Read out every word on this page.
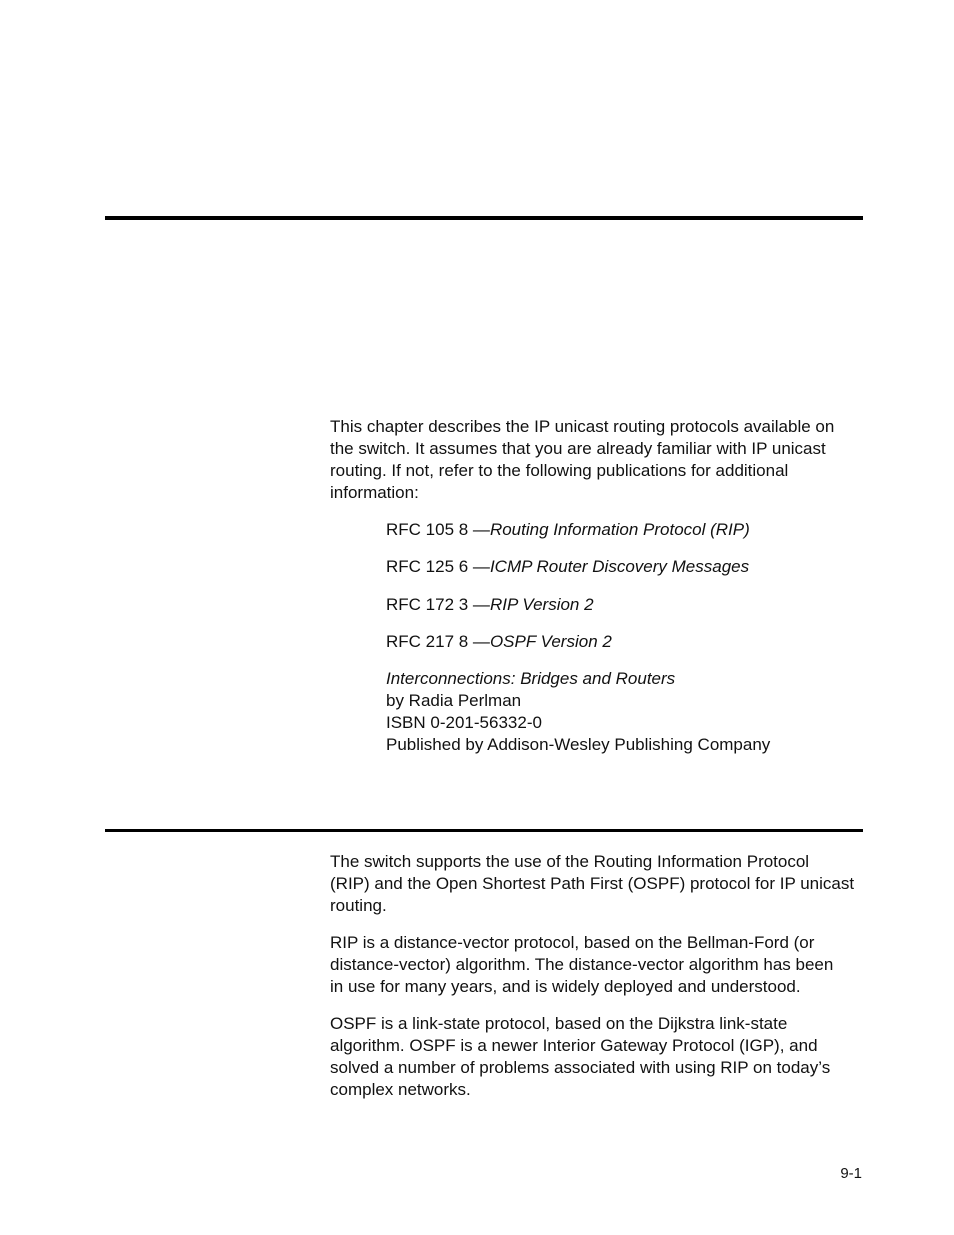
This chapter describes the IP unicast routing protocols available on

the switch. It assumes that you are already familiar with IP unicast

routing. If not, refer to the following publications for additional

information:

RFC 105 8 —Routing Information Protocol (RIP)
RFC 125 6 —ICMP Router Discovery Messages
RFC 172 3 —RIP Version 2
RFC 217 8 —OSPF Version 2
Interconnections: Bridges and Routers
by Radia Perlman
ISBN 0-201-56332-0
Published by Addison-Wesley Publishing Company

The switch supports the use of the Routing Information Protocol

(RIP) and the Open Shortest Path First (OSPF) protocol for IP unicast

routing.

RIP is a distance-vector protocol, based on the Bellman-Ford (or

distance-vector) algorithm. The distance-vector algorithm has been

in use for many years, and is widely deployed and understood.

OSPF is a link-state protocol, based on the Dijkstra link-state

algorithm. OSPF is a newer Interior Gateway Protocol (IGP), and

solved a number of problems associated with using RIP on today’s

complex networks.

9-1
